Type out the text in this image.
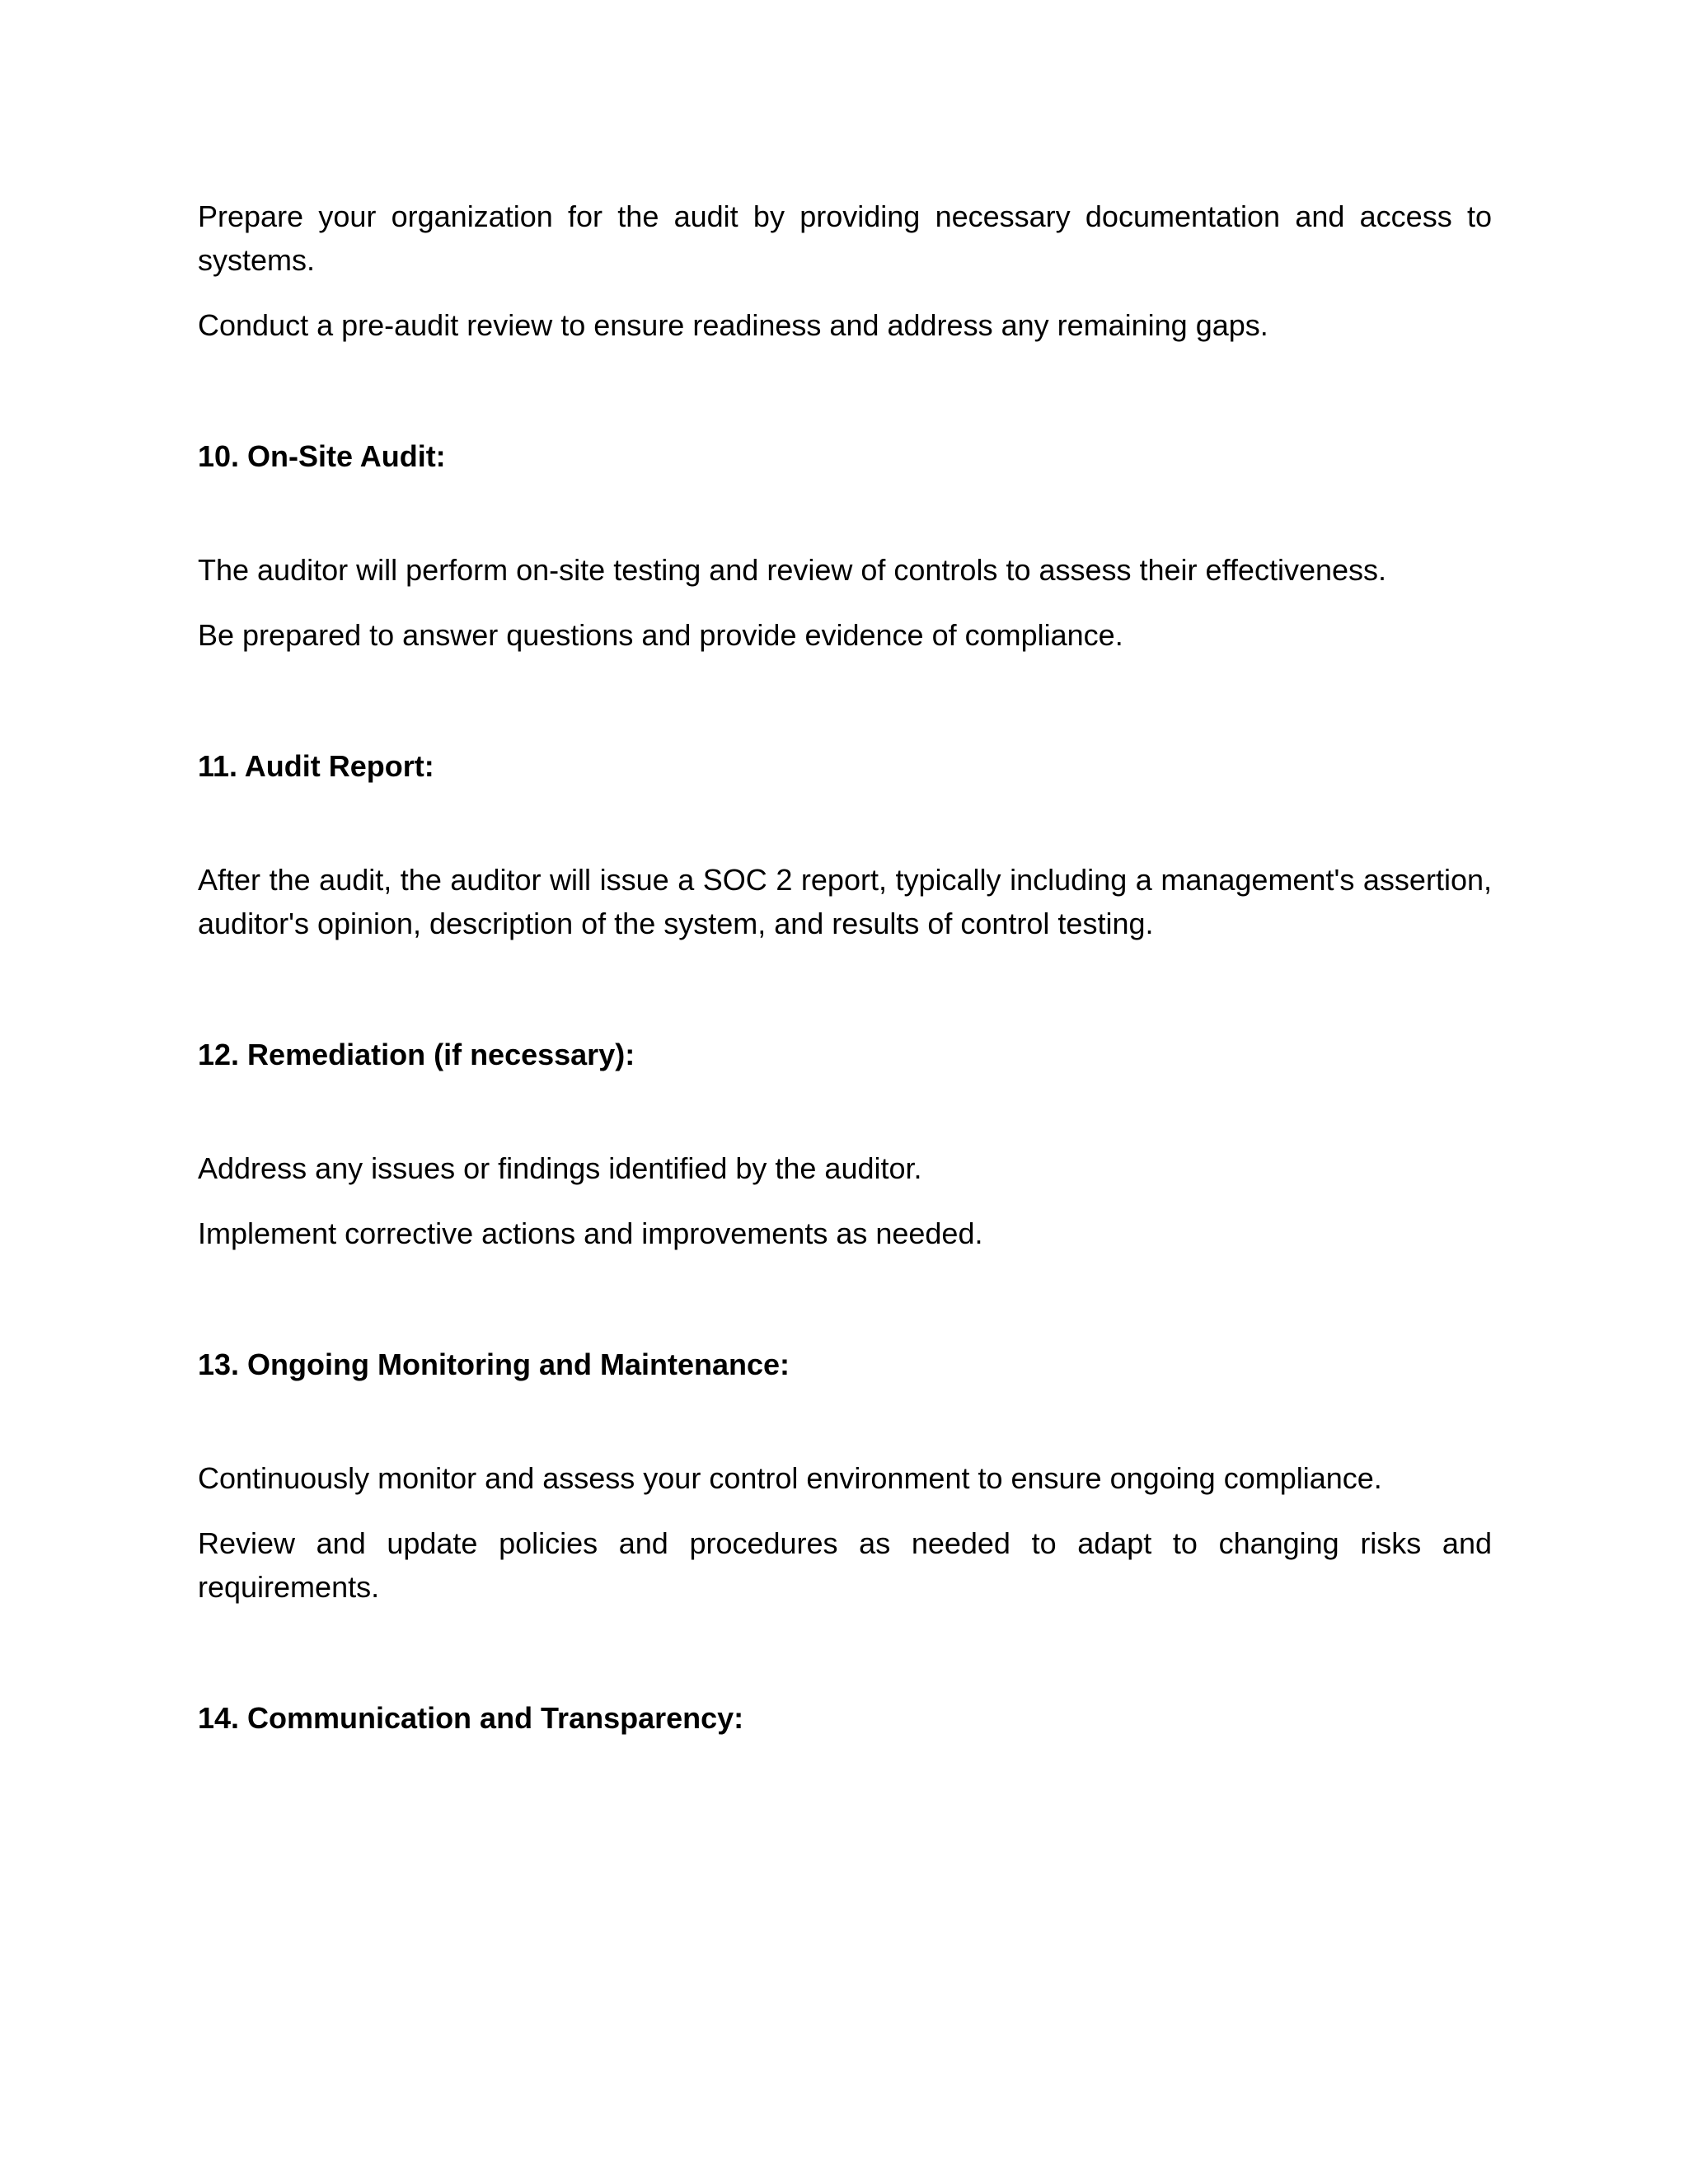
Prepare your organization for the audit by providing necessary documentation and access to systems.

Conduct a pre-audit review to ensure readiness and address any remaining gaps.

10. On-Site Audit:

The auditor will perform on-site testing and review of controls to assess their effectiveness.

Be prepared to answer questions and provide evidence of compliance.

11. Audit Report:

After the audit, the auditor will issue a SOC 2 report, typically including a management's assertion, auditor's opinion, description of the system, and results of control testing.

12. Remediation (if necessary):

Address any issues or findings identified by the auditor.

Implement corrective actions and improvements as needed.

13. Ongoing Monitoring and Maintenance:

Continuously monitor and assess your control environment to ensure ongoing compliance.

Review and update policies and procedures as needed to adapt to changing risks and requirements.

14. Communication and Transparency:
